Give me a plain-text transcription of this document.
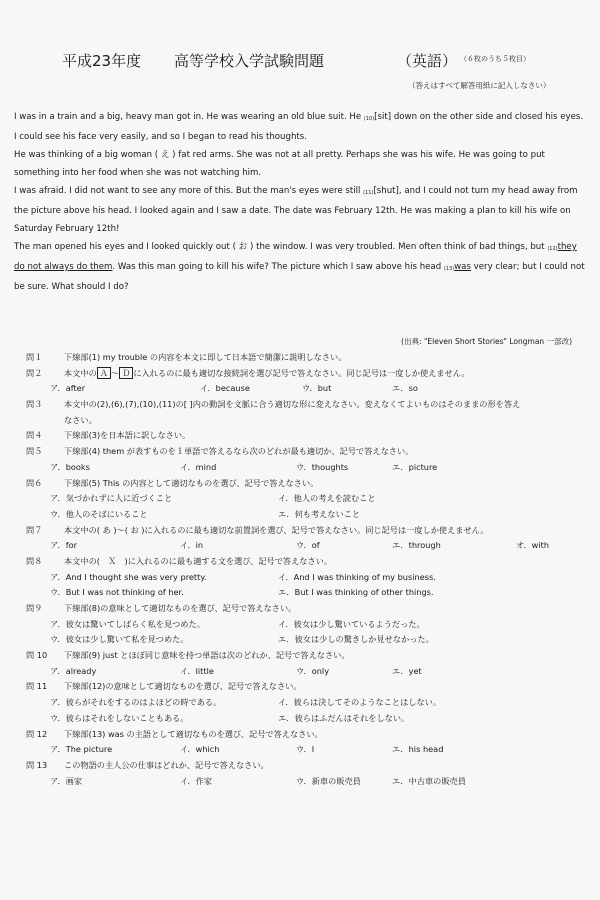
平成23年度 高等学校入学試験問題	（英語） （６枚のうち５枚目）
（答えはすべて解答用紙に記入しなさい）

I was in a train and a big, heavy man got in. He was wearing an old blue suit. He $_{(10)}$[sit] down on the other side and closed his eyes. I could see his face very easily, and so I began to read his thoughts.

He was thinking of a big woman ( え ) fat red arms. She was not at all pretty. Perhaps she was his wife. He was going to put something into her food when she was not watching him.

I was afraid. I did not want to see any more of this. But the man's eyes were still $_{(11)}$[shut], and I could not turn my head away from the picture above his head. I looked again and I saw a date. The date was February 12th. He was making a plan to kill his wife on Saturday February 12th!

The man opened his eyes and I looked quickly out ( お ) the window. I was very troubled. Men often think of bad things, but $_{(12)}$they do not always do them. Was this man going to kill his wife? The picture which I saw above his head $_{(13)}$was very clear; but I could not be sure. What should I do?

(出典: "Eleven Short Stories" Longman 一部改)
問１	下線部(1) my trouble の内容を本文に即して日本語で簡潔に説明しなさい。
問２	本文中の Ａ ～ Ｄ に入れるのに最も適切な接続詞を選び記号で答えなさい。同じ記号は一度しか使えません。
ア．after	イ．because	ウ．but	エ．so
問３	本文中の(2),(6),(7),(10),(11)の[ ]内の動詞を文脈に合う適切な形に変えなさい。変えなくてよいものはそのままの形を答え
なさい。
問４	下線部(3)を日本語に訳しなさい。
問５	下線部(4) them が表すものを１単語で答えるなら次のどれが最も適切か、記号で答えなさい。
ア．books	イ．mind	ウ．thoughts	エ．picture
問６	下線部(5) This の内容として適切なものを選び、記号で答えなさい。
ア．気づかれずに人に近づくこと	イ．他人の考えを読むこと
ウ．他人のそばにいること	エ．何も考えないこと
問７	本文中の( あ )～( お )に入れるのに最も適切な前置詞を選び、記号で答えなさい。同じ記号は一度しか使えません。
ア．for	イ．in	ウ．of	エ．through	オ．with
問８	本文中の(　Ｘ　)に入れるのに最も適する文を選び、記号で答えなさい。
ア．And I thought she was very pretty.	イ．And I was thinking of my business.
ウ．But I was not thinking of her.	エ．But I was thinking of other things.
問９	下線部(8)の意味として適切なものを選び、記号で答えなさい。
ア．彼女は驚いてしばらく私を見つめた。	イ．彼女は少し驚いているようだった。
ウ．彼女は少し驚いて私を見つめた。	エ．彼女は少しの驚きしか見せなかった。
問 10 下線部(9) just とほぼ同じ意味を持つ単語は次のどれか、記号で答えなさい。
ア．already	イ．little	ウ．only	エ．yet
問 11 下線部(12)の意味として適切なものを選び、記号で答えなさい。
ア．彼らがそれをするのはよほどの時である。	イ．彼らは決してそのようなことはしない。
ウ．彼らはそれをしないこともある。	エ．彼らはふだんはそれをしない。
問 12 下線部(13) was の主語として適切なものを選び、記号で答えなさい。
ア．The picture	イ．which	ウ．I	エ．his head
問 13 この物語の主人公の仕事はどれか、記号で答えなさい。
ア．画家	イ．作家	ウ．新車の販売員	エ．中古車の販売員
